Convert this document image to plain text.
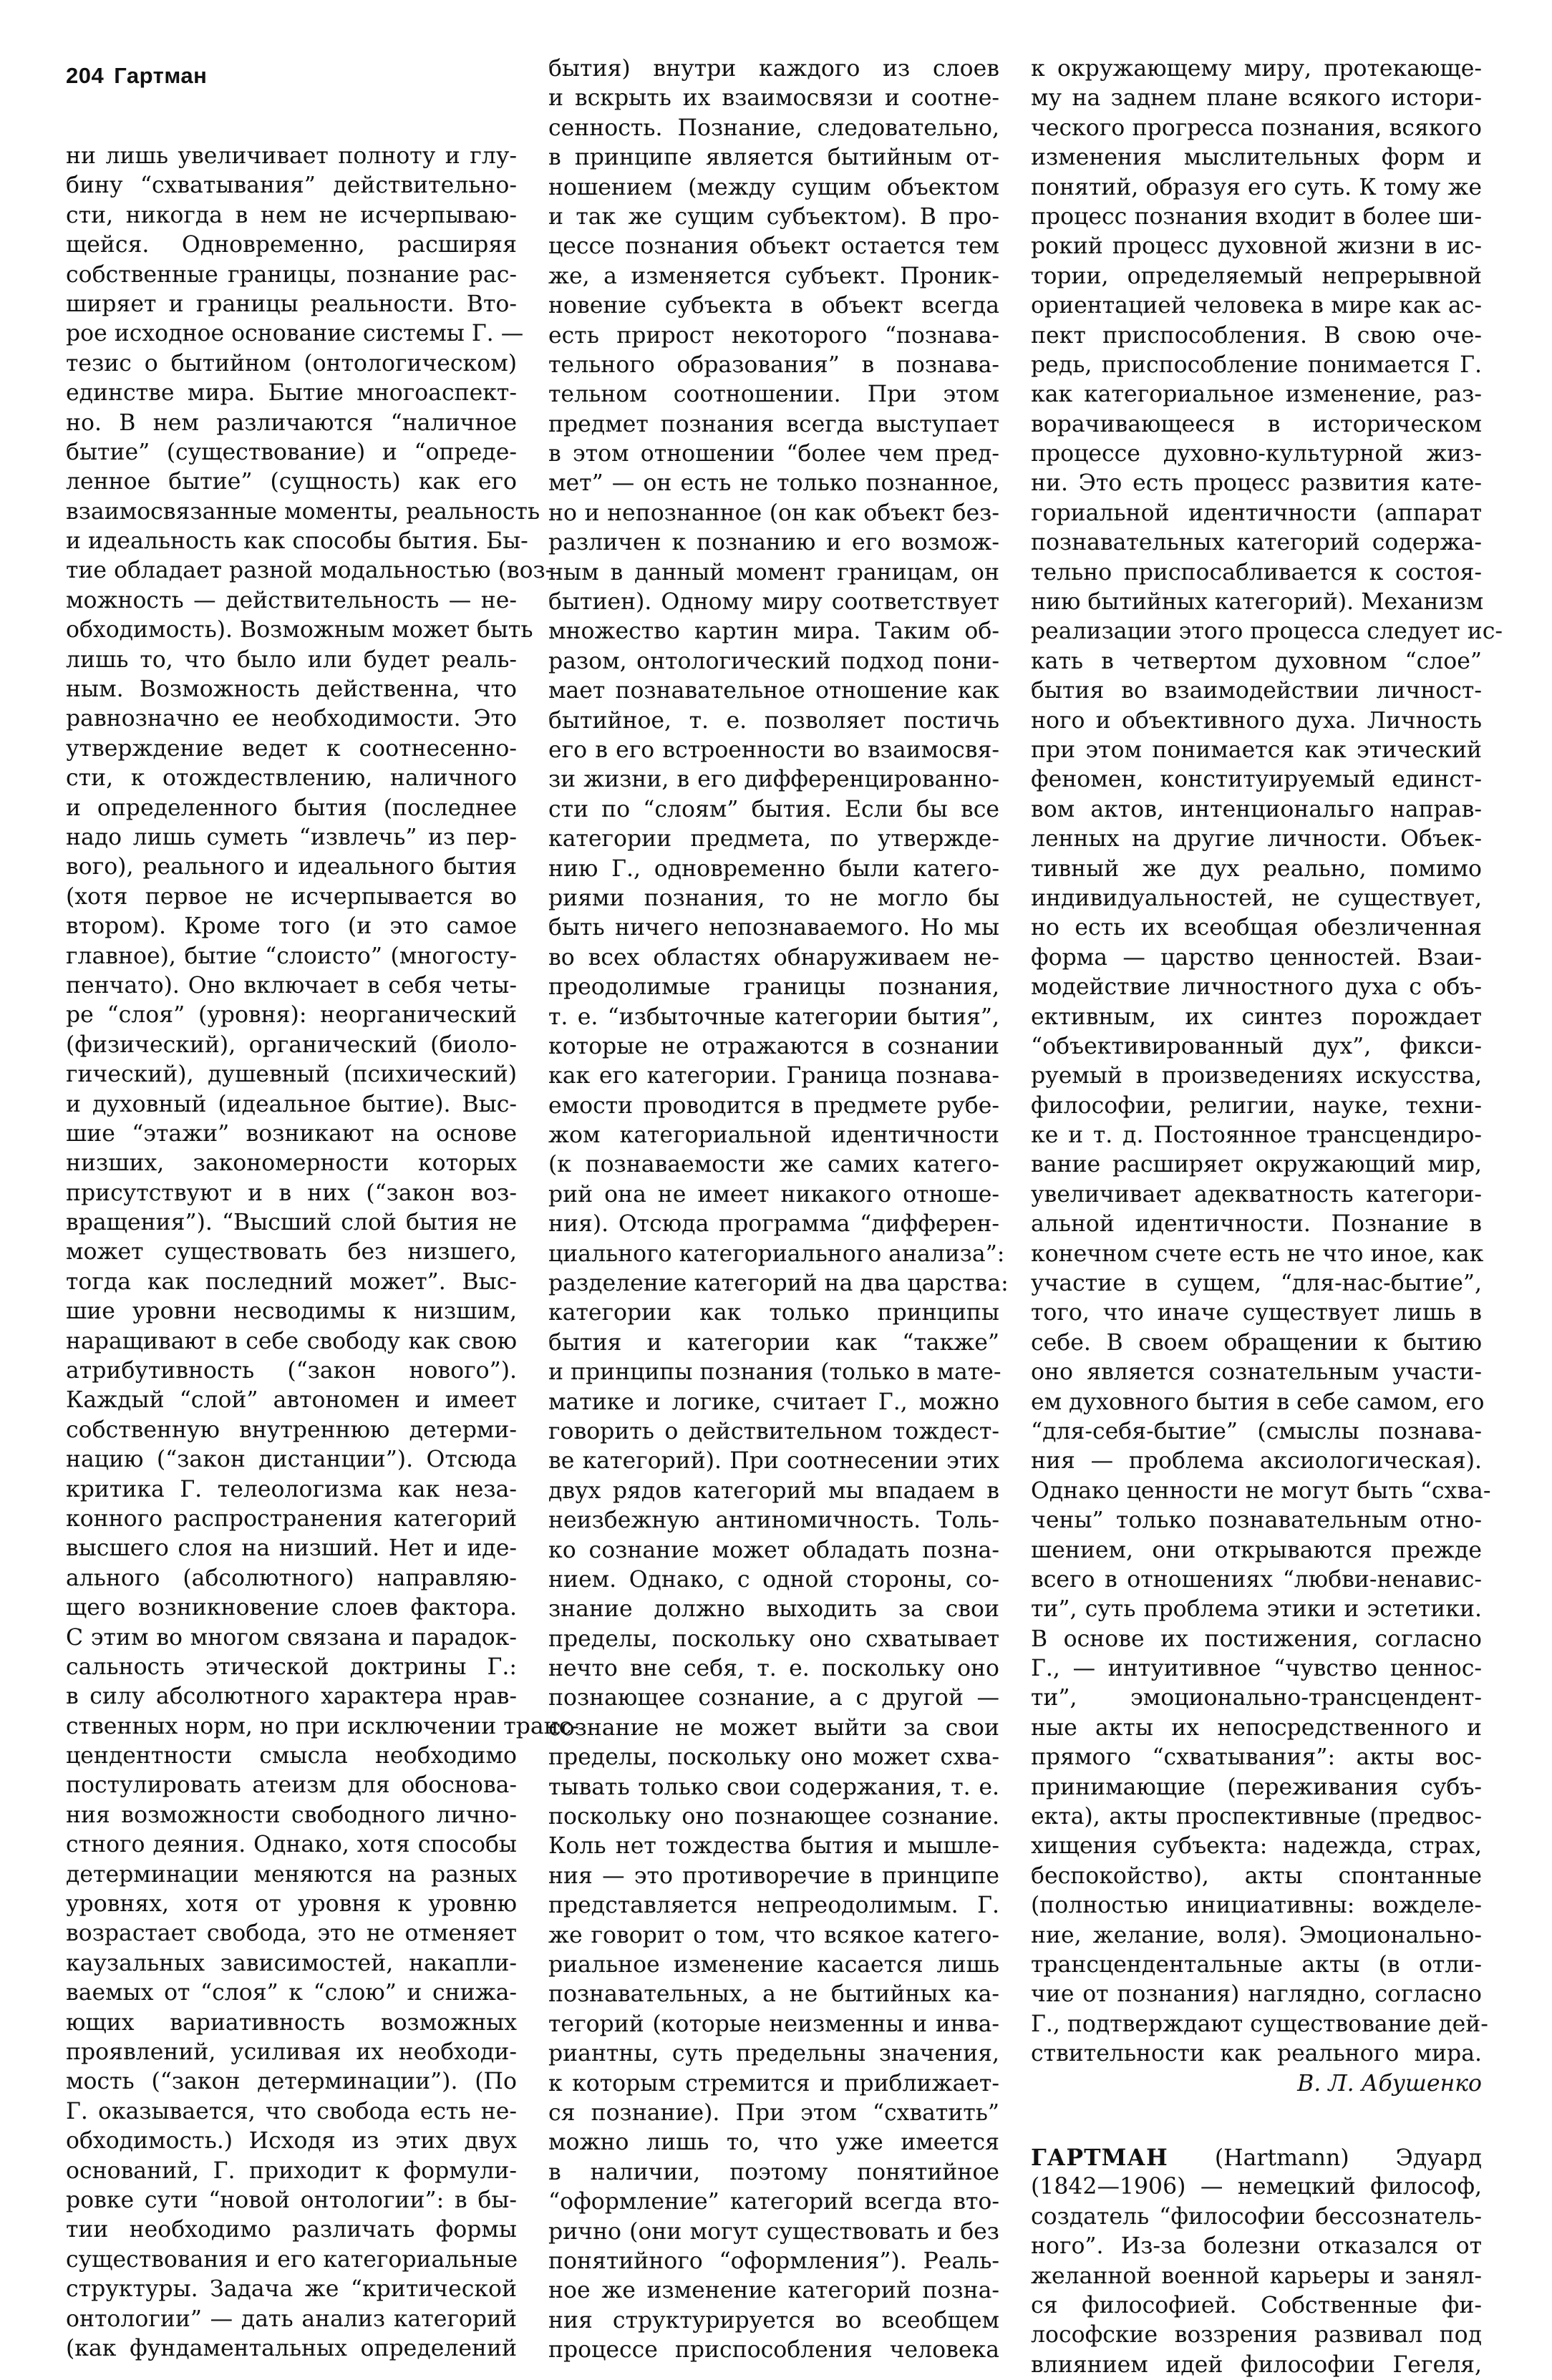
204 Гартман
ни лишь увеличивает полноту и глу-
бину “схватывания” действительно-
сти, никогда в нем не исчерпываю-
щейся. Одновременно, расширяя
собственные границы, познание рас-
ширяет и границы реальности. Вто-
рое исходное основание системы Г. —
тезис о бытийном (онтологическом)
единстве мира. Бытие многоаспект-
но. В нем различаются “наличное
бытие” (существование) и “опреде-
ленное бытие” (сущность) как его
взаимосвязанные моменты, реальность
и идеальность как способы бытия. Бы-
тие обладает разной модальностью (воз-
можность — действительность — не-
обходимость). Возможным может быть
лишь то, что было или будет реаль-
ным. Возможность действенна, что
равнозначно ее необходимости. Это
утверждение ведет к соотнесенно-
сти, к отождествлению, наличного
и определенного бытия (последнее
надо лишь суметь “извлечь” из пер-
вого), реального и идеального бытия
(хотя первое не исчерпывается во
втором). Кроме того (и это самое
главное), бытие “слоисто” (многосту-
пенчато). Оно включает в себя четы-
ре “слоя” (уровня): неорганический
(физический), органический (биоло-
гический), душевный (психический)
и духовный (идеальное бытие). Выс-
шие “этажи” возникают на основе
низших, закономерности которых
присутствуют и в них (“закон воз-
вращения”). “Высший слой бытия не
может существовать без низшего,
тогда как последний может”. Выс-
шие уровни несводимы к низшим,
наращивают в себе свободу как свою
атрибутивность (“закон нового”).
Каждый “слой” автономен и имеет
собственную внутреннюю детерми-
нацию (“закон дистанции”). Отсюда
критика Г. телеологизма как неза-
конного распространения категорий
высшего слоя на низший. Нет и иде-
ального (абсолютного) направляю-
щего возникновение слоев фактора.
С этим во многом связана и парадок-
сальность этической доктрины Г.:
в силу абсолютного характера нрав-
ственных норм, но при исключении транс-
цендентности смысла необходимо
постулировать атеизм для обоснова-
ния возможности свободного лично-
стного деяния. Однако, хотя способы
детерминации меняются на разных
уровнях, хотя от уровня к уровню
возрастает свобода, это не отменяет
каузальных зависимостей, накапли-
ваемых от “слоя” к “слою” и снижа-
ющих вариативность возможных
проявлений, усиливая их необходи-
мость (“закон детерминации”). (По
Г. оказывается, что свобода есть не-
обходимость.) Исходя из этих двух
оснований, Г. приходит к формули-
ровке сути “новой онтологии”: в бы-
тии необходимо различать формы
существования и его категориальные
структуры. Задача же “критической
онтологии” — дать анализ категорий
(как фундаментальных определений
бытия) внутри каждого из слоев
и вскрыть их взаимосвязи и соотне-
сенность. Познание, следовательно,
в принципе является бытийным от-
ношением (между сущим объектом
и так же сущим субъектом). В про-
цессе познания объект остается тем
же, а изменяется субъект. Проник-
новение субъекта в объект всегда
есть прирост некоторого “познава-
тельного образования” в познава-
тельном соотношении. При этом
предмет познания всегда выступает
в этом отношении “более чем пред-
мет” — он есть не только познанное,
но и непознанное (он как объект без-
различен к познанию и его возмож-
ным в данный момент границам, он
бытиен). Одному миру соответствует
множество картин мира. Таким об-
разом, онтологический подход пони-
мает познавательное отношение как
бытийное, т. е. позволяет постичь
его в его встроенности во взаимосвя-
зи жизни, в его дифференцированно-
сти по “слоям” бытия. Если бы все
категории предмета, по утвержде-
нию Г., одновременно были катего-
риями познания, то не могло бы
быть ничего непознаваемого. Но мы
во всех областях обнаруживаем не-
преодолимые границы познания,
т. е. “избыточные категории бытия”,
которые не отражаются в сознании
как его категории. Граница познава-
емости проводится в предмете рубе-
жом категориальной идентичности
(к познаваемости же самих катего-
рий она не имеет никакого отноше-
ния). Отсюда программа “дифферен-
циального категориального анализа”:
разделение категорий на два царства:
категории как только принципы
бытия и категории как “также”
и принципы познания (только в мате-
матике и логике, считает Г., можно
говорить о действительном тождест-
ве категорий). При соотнесении этих
двух рядов категорий мы впадаем в
неизбежную антиномичность. Толь-
ко сознание может обладать позна-
нием. Однако, с одной стороны, со-
знание должно выходить за свои
пределы, поскольку оно схватывает
нечто вне себя, т. е. поскольку оно
познающее сознание, а с другой —
сознание не может выйти за свои
пределы, поскольку оно может схва-
тывать только свои содержания, т. е.
поскольку оно познающее сознание.
Коль нет тождества бытия и мышле-
ния — это противоречие в принципе
представляется непреодолимым. Г.
же говорит о том, что всякое катего-
риальное изменение касается лишь
познавательных, а не бытийных ка-
тегорий (которые неизменны и инва-
риантны, суть предельны значения,
к которым стремится и приближает-
ся познание). При этом “схватить”
можно лишь то, что уже имеется
в наличии, поэтому понятийное
“оформление” категорий всегда вто-
рично (они могут существовать и без
понятийного “оформления”). Реаль-
ное же изменение категорий позна-
ния структурируется во всеобщем
процессе приспособления человека
к окружающему миру, протекающе-
му на заднем плане всякого истори-
ческого прогресса познания, всякого
изменения мыслительных форм и
понятий, образуя его суть. К тому же
процесс познания входит в более ши-
рокий процесс духовной жизни в ис-
тории, определяемый непрерывной
ориентацией человека в мире как ас-
пект приспособления. В свою оче-
редь, приспособление понимается Г.
как категориальное изменение, раз-
ворачивающееся в историческом
процессе духовно-культурной жиз-
ни. Это есть процесс развития кате-
гориальной идентичности (аппарат
познавательных категорий содержа-
тельно приспосабливается к состоя-
нию бытийных категорий). Механизм
реализации этого процесса следует ис-
кать в четвертом духовном “слое”
бытия во взаимодействии личност-
ного и объективного духа. Личность
при этом понимается как этический
феномен, конституируемый единст-
вом актов, интенциональго направ-
ленных на другие личности. Объек-
тивный же дух реально, помимо
индивидуальностей, не существует,
но есть их всеобщая обезличенная
форма — царство ценностей. Взаи-
модействие личностного духа с объ-
ективным, их синтез порождает
“объективированный дух”, фикси-
руемый в произведениях искусства,
философии, религии, науке, техни-
ке и т. д. Постоянное трансцендиро-
вание расширяет окружающий мир,
увеличивает адекватность категори-
альной идентичности. Познание в
конечном счете есть не что иное, как
участие в сущем, “для-нас-бытие”,
того, что иначе существует лишь в
себе. В своем обращении к бытию
оно является сознательным участи-
ем духовного бытия в себе самом, его
“для-себя-бытие” (смыслы познава-
ния — проблема аксиологическая).
Однако ценности не могут быть “схва-
чены” только познавательным отно-
шением, они открываются прежде
всего в отношениях “любви-ненавис-
ти”, суть проблема этики и эстетики.
В основе их постижения, согласно
Г., — интуитивное “чувство ценнос-
ти”, эмоционально-трансцендент-
ные акты их непосредственного и
прямого “схватывания”: акты вос-
принимающие (переживания субъ-
екта), акты проспективные (предвос-
хищения субъекта: надежда, страх,
беспокойство), акты спонтанные
(полностью инициативны: вожделе-
ние, желание, воля). Эмоционально-
трансцендентальные акты (в отли-
чие от познания) наглядно, согласно
Г., подтверждают существование дей-
ствительности как реального мира.
В. Л. Абушенко
ГАРТМАН (Hartmann) Эдуард
(1842—1906) — немецкий философ,
создатель “философии бессознатель-
ного”. Из-за болезни отказался от
желанной военной карьеры и занял-
ся философией. Собственные фи-
лософские воззрения развивал под
влиянием идей философии Гегеля,
